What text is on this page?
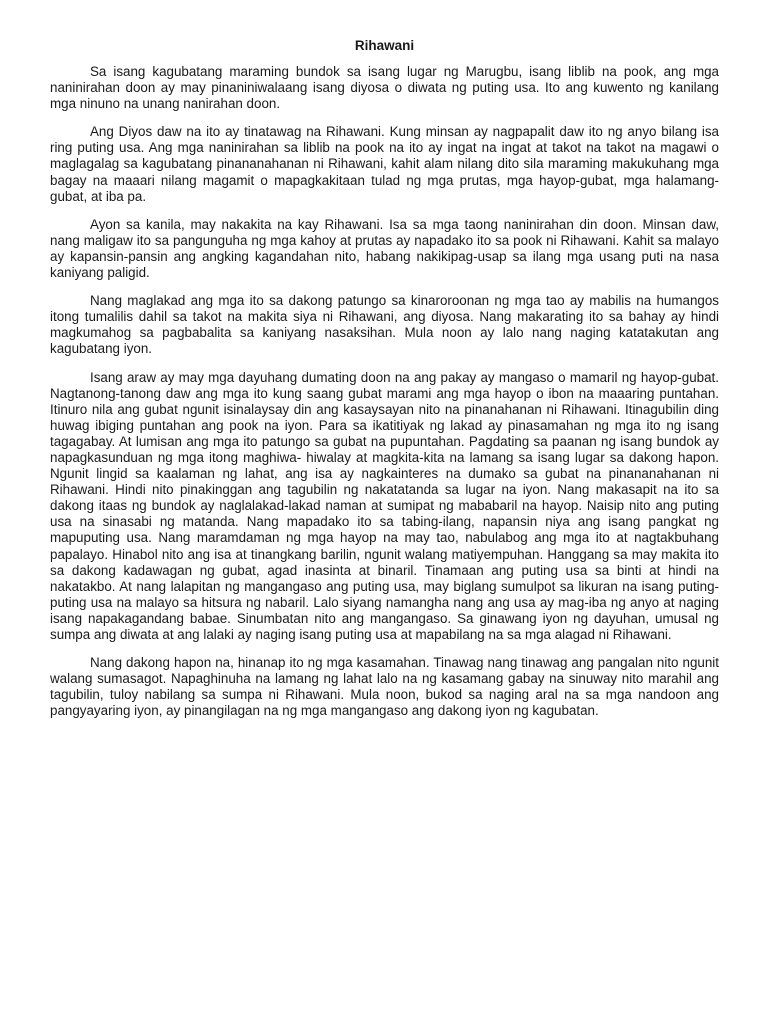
Rihawani

Sa isang kagubatang maraming bundok sa isang lugar ng Marugbu, isang liblib na pook, ang mga naninirahan doon ay may pinaniniwalaang isang diyosa o diwata ng puting usa. Ito ang kuwento ng kanilang mga ninuno na unang nanirahan doon.

Ang Diyos daw na ito ay tinatawag na Rihawani. Kung minsan ay nagpapalit daw ito ng anyo bilang isa ring puting usa. Ang mga naninirahan sa liblib na pook na ito ay ingat na ingat at takot na takot na magawi o maglagalag sa kagubatang pinananahanan ni Rihawani, kahit alam nilang dito sila maraming makukuhang mga bagay na maaari nilang magamit o mapagkakitaan tulad ng mga prutas, mga hayop-gubat, mga halamang- gubat, at iba pa.

Ayon sa kanila, may nakakita na kay Rihawani. Isa sa mga taong naninirahan din doon. Minsan daw, nang maligaw ito sa pangunguha ng mga kahoy at prutas ay napadako ito sa pook ni Rihawani. Kahit sa malayo ay kapansin-pansin ang angking kagandahan nito, habang nakikipag-usap sa ilang mga usang puti na nasa kaniyang paligid.

Nang maglakad ang mga ito sa dakong patungo sa kinaroroonan ng mga tao ay mabilis na humangos itong tumalilis dahil sa takot na makita siya ni Rihawani, ang diyosa. Nang makarating ito sa bahay ay hindi magkumahog sa pagbabalita sa kaniyang nasaksihan. Mula noon ay lalo nang naging katatakutan ang kagubatang iyon.

Isang araw ay may mga dayuhang dumating doon na ang pakay ay mangaso o mamaril ng hayop-gubat. Nagtanong-tanong daw ang mga ito kung saang gubat marami ang mga hayop o ibon na maaaring puntahan. Itinuro nila ang gubat ngunit isinalaysay din ang kasaysayan nito na pinanahanan ni Rihawani. Itinagubilin ding huwag ibiging puntahan ang pook na iyon. Para sa ikatitiyak ng lakad ay pinasamahan ng mga ito ng isang tagagabay. At lumisan ang mga ito patungo sa gubat na pupuntahan. Pagdating sa paanan ng isang bundok ay napagkasunduan ng mga itong maghiwa- hiwalay at magkita-kita na lamang sa isang lugar sa dakong hapon. Ngunit lingid sa kaalaman ng lahat, ang isa ay nagkainteres na dumako sa gubat na pinananahanan ni Rihawani. Hindi nito pinakinggan ang tagubilin ng nakatatanda sa lugar na iyon. Nang makasapit na ito sa dakong itaas ng bundok ay naglalakad-lakad naman at sumipat ng mababaril na hayop. Naisip nito ang puting usa na sinasabi ng matanda. Nang mapadako ito sa tabing-ilang, napansin niya ang isang pangkat ng mapuputing usa. Nang maramdaman ng mga hayop na may tao, nabulabog ang mga ito at nagtakbuhang papalayo. Hinabol nito ang isa at tinangkang barilin, ngunit walang matiyempuhan. Hanggang sa may makita ito sa dakong kadawagan ng gubat, agad inasinta at binaril. Tinamaan ang puting usa sa binti at hindi na nakatakbo. At nang lalapitan ng mangangaso ang puting usa, may biglang sumulpot sa likuran na isang puting-puting usa na malayo sa hitsura ng nabaril. Lalo siyang namangha nang ang usa ay mag-iba ng anyo at naging isang napakagandang babae. Sinumbatan nito ang mangangaso. Sa ginawang iyon ng dayuhan, umusal ng sumpa ang diwata at ang lalaki ay naging isang puting usa at mapabilang na sa mga alagad ni Rihawani.

Nang dakong hapon na, hinanap ito ng mga kasamahan. Tinawag nang tinawag ang pangalan nito ngunit walang sumasagot. Napaghinuha na lamang ng lahat lalo na ng kasamang gabay na sinuway nito marahil ang tagubilin, tuloy nabilang sa sumpa ni Rihawani. Mula noon, bukod sa naging aral na sa mga nandoon ang pangyayaring iyon, ay pinangilagan na ng mga mangangaso ang dakong iyon ng kagubatan.
